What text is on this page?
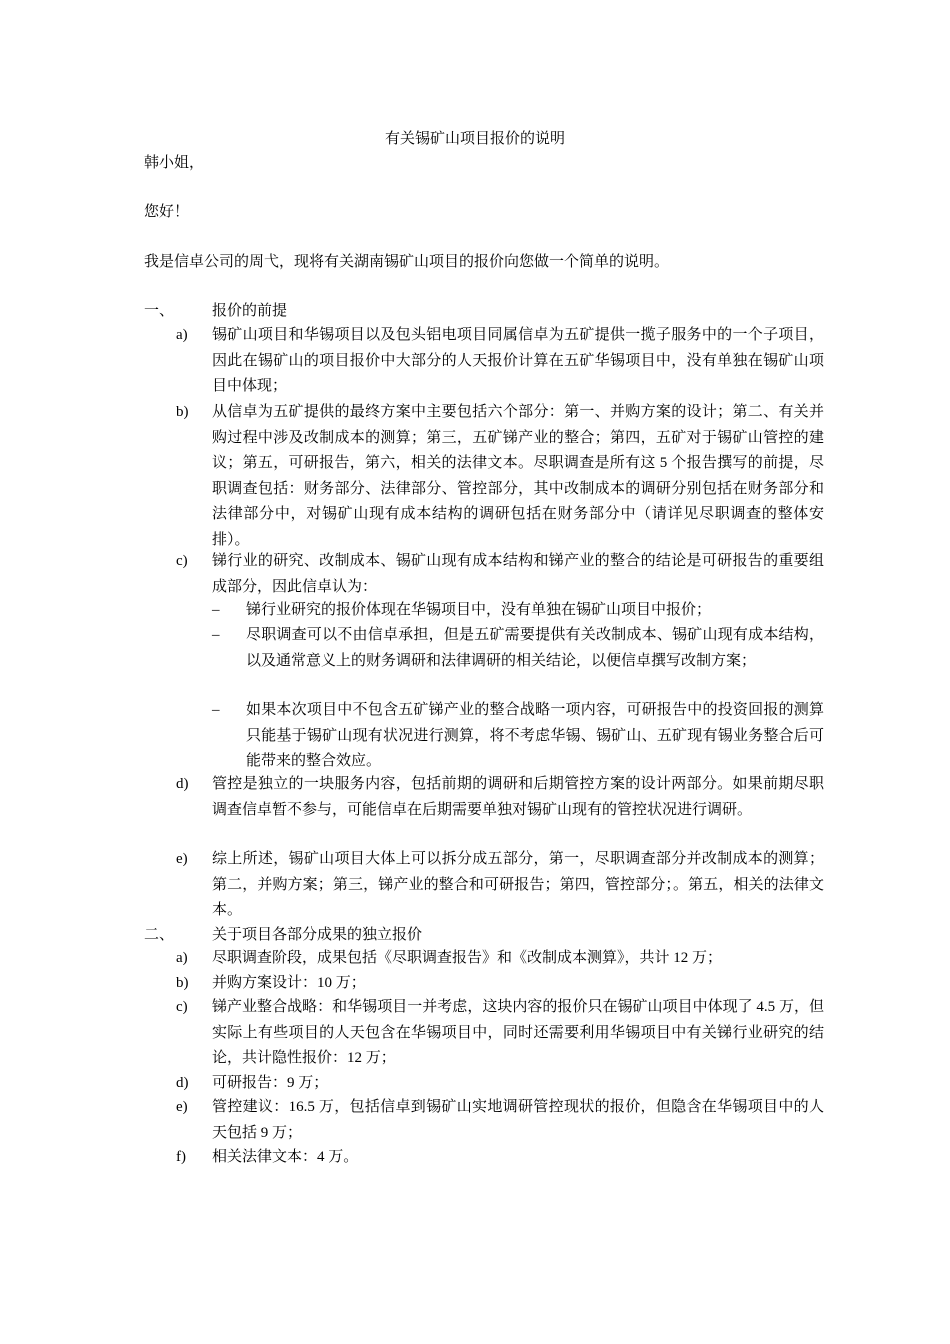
有关锡矿山项目报价的说明
韩小姐，
您好！
我是信卓公司的周弋，现将有关湖南锡矿山项目的报价向您做一个简单的说明。
一、	报价的前提
a) 锡矿山项目和华锡项目以及包头铝电项目同属信卓为五矿提供一揽子服务中的一个子项目，因此在锡矿山的项目报价中大部分的人天报价计算在五矿华锡项目中，没有单独在锡矿山项目中体现；
b) 从信卓为五矿提供的最终方案中主要包括六个部分：第一、并购方案的设计；第二、有关并购过程中涉及改制成本的测算；第三，五矿锑产业的整合；第四，五矿对于锡矿山管控的建议；第五，可研报告，第六，相关的法律文本。尽职调查是所有这 5 个报告撰写的前提，尽职调查包括：财务部分、法律部分、管控部分，其中改制成本的调研分别包括在财务部分和法律部分中，对锡矿山现有成本结构的调研包括在财务部分中（请详见尽职调查的整体安排）。
c) 锑行业的研究、改制成本、锡矿山现有成本结构和锑产业的整合的结论是可研报告的重要组成部分，因此信卓认为：
– 锑行业研究的报价体现在华锡项目中，没有单独在锡矿山项目中报价；
– 尽职调查可以不由信卓承担，但是五矿需要提供有关改制成本、锡矿山现有成本结构，以及通常意义上的财务调研和法律调研的相关结论，以便信卓撰写改制方案；
– 如果本次项目中不包含五矿锑产业的整合战略一项内容，可研报告中的投资回报的测算只能基于锡矿山现有状况进行测算，将不考虑华锡、锡矿山、五矿现有锡业务整合后可能带来的整合效应。
d) 管控是独立的一块服务内容，包括前期的调研和后期管控方案的设计两部分。如果前期尽职调查信卓暂不参与，可能信卓在后期需要单独对锡矿山现有的管控状况进行调研。
e) 综上所述，锡矿山项目大体上可以拆分成五部分，第一，尽职调查部分并改制成本的测算；第二，并购方案；第三，锑产业的整合和可研报告；第四，管控部分；。第五，相关的法律文本。
二、	关于项目各部分成果的独立报价
a) 尽职调查阶段，成果包括《尽职调查报告》和《改制成本测算》，共计 12 万；
b) 并购方案设计：10 万；
c) 锑产业整合战略：和华锡项目一并考虑，这块内容的报价只在锡矿山项目中体现了 4.5 万，但实际上有些项目的人天包含在华锡项目中，同时还需要利用华锡项目中有关锑行业研究的结论，共计隐性报价：12 万；
d) 可研报告：9 万；
e) 管控建议：16.5 万，包括信卓到锡矿山实地调研管控现状的报价，但隐含在华锡项目中的人天包括 9 万；
f) 相关法律文本：4 万。
